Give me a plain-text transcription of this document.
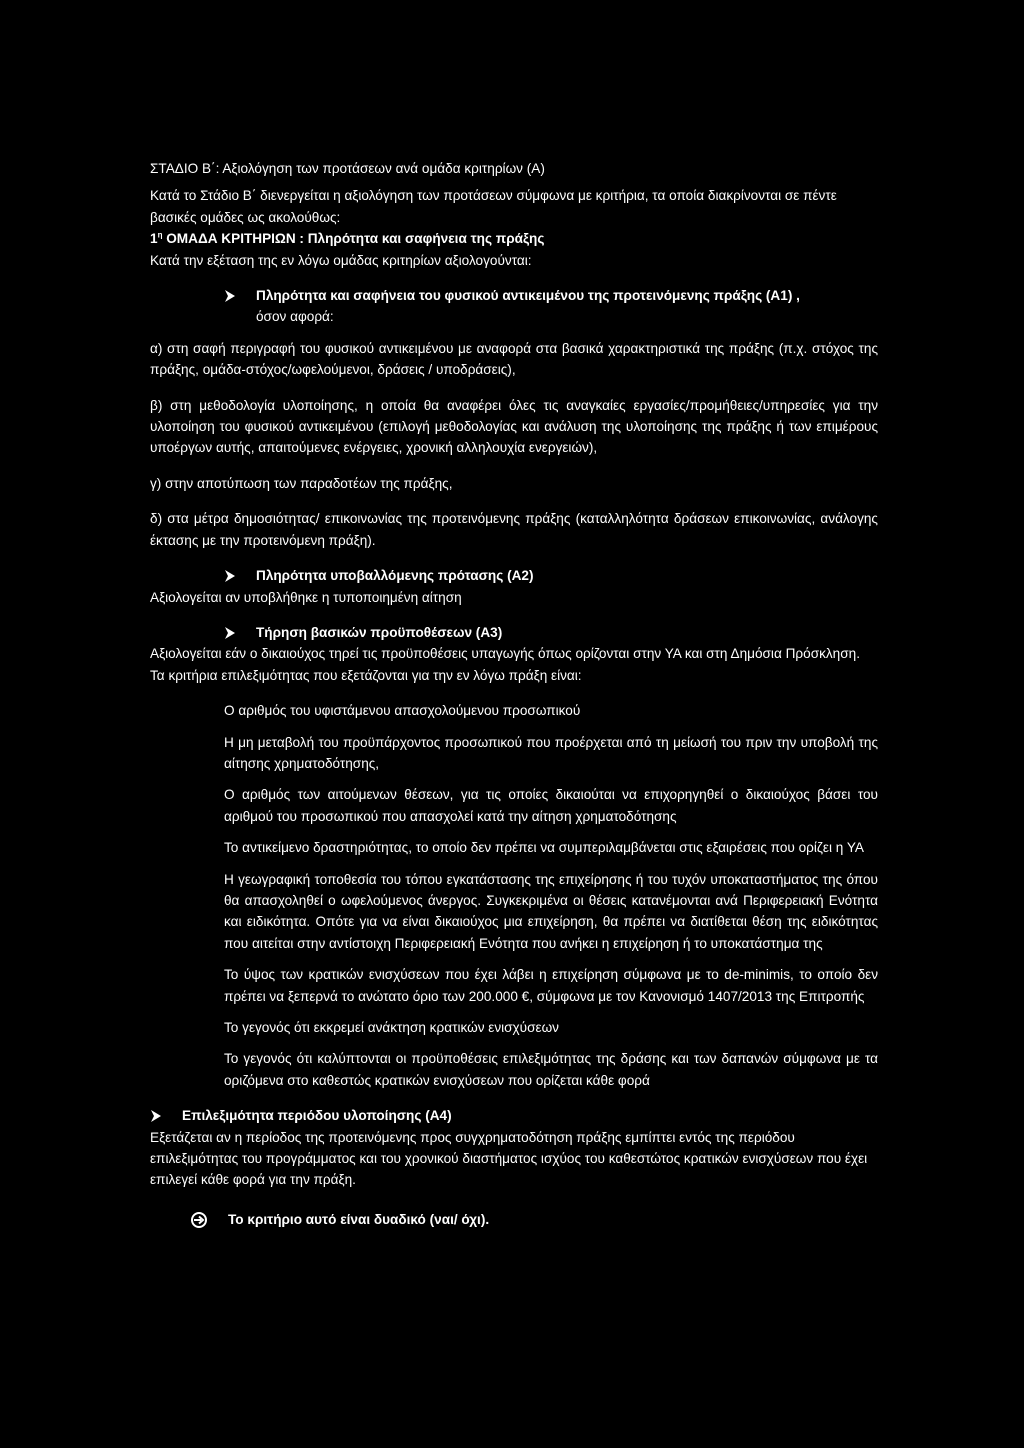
ΣΤΑΔΙΟ Β΄: Αξιολόγηση των προτάσεων ανά ομάδα κριτηρίων (Α)

Κατά το Στάδιο Β΄ διενεργείται η αξιολόγηση των προτάσεων σύμφωνα με κριτήρια, τα οποία διακρίνονται σε πέντε βασικές ομάδες ως ακολούθως:

$1^\eta$ ΟΜΑΔΑ ΚΡΙΤΗΡΙΩΝ : Πληρότητα και σαφήνεια της πράξης

Κατά την εξέταση της εν λόγω ομάδας κριτηρίων αξιολογούνται:

Πληρότητα και σαφήνεια του φυσικού αντικειμένου της προτεινόμενης πράξης (Α1) ,

όσον αφορά:

α) στη σαφή περιγραφή του φυσικού αντικειμένου με αναφορά στα βασικά χαρακτηριστικά της πράξης (π.χ. στόχος της πράξης, ομάδα-στόχος/ωφελούμενοι, δράσεις / υποδράσεις),

β) στη μεθοδολογία υλοποίησης, η οποία θα αναφέρει όλες τις αναγκαίες εργασίες/προμήθειες/υπηρεσίες για την υλοποίηση του φυσικού αντικειμένου (επιλογή μεθοδολογίας και ανάλυση της υλοποίησης της πράξης ή των επιμέρους υποέργων αυτής, απαιτούμενες ενέργειες, χρονική αλληλουχία ενεργειών),

γ) στην αποτύπωση των παραδοτέων της πράξης,

δ) στα μέτρα δημοσιότητας/ επικοινωνίας της προτεινόμενης πράξης (καταλληλότητα δράσεων επικοινωνίας, ανάλογης έκτασης με την προτεινόμενη πράξη).

Πληρότητα υποβαλλόμενης πρότασης (Α2)

Αξιολογείται αν υποβλήθηκε η τυποποιημένη αίτηση

Τήρηση βασικών προϋποθέσεων (Α3)

Αξιολογείται εάν ο δικαιούχος τηρεί τις προϋποθέσεις υπαγωγής όπως ορίζονται στην ΥΑ και στη Δημόσια Πρόσκληση. Τα κριτήρια επιλεξιμότητας που εξετάζονται για την εν λόγω πράξη είναι:

Ο αριθμός του υφιστάμενου απασχολούμενου προσωπικού

Η μη μεταβολή του προϋπάρχοντος προσωπικού που προέρχεται από τη μείωσή του πριν την υποβολή της αίτησης χρηματοδότησης,

Ο αριθμός των αιτούμενων θέσεων, για τις οποίες δικαιούται να επιχορηγηθεί ο δικαιούχος βάσει του αριθμού του προσωπικού που απασχολεί κατά την αίτηση χρηματοδότησης

Το αντικείμενο δραστηριότητας, το οποίο δεν πρέπει να συμπεριλαμβάνεται στις εξαιρέσεις που ορίζει η ΥΑ

Η γεωγραφική τοποθεσία του τόπου εγκατάστασης της επιχείρησης ή του τυχόν υποκαταστήματος της όπου θα απασχοληθεί ο ωφελούμενος άνεργος. Συγκεκριμένα οι θέσεις κατανέμονται ανά Περιφερειακή Ενότητα και ειδικότητα. Οπότε για να είναι δικαιούχος μια επιχείρηση, θα πρέπει να διατίθεται θέση της ειδικότητας που αιτείται στην αντίστοιχη Περιφερειακή Ενότητα που ανήκει η επιχείρηση ή το υποκατάστημα της

Το ύψος των κρατικών ενισχύσεων που έχει λάβει η επιχείρηση σύμφωνα με το de-minimis, το οποίο δεν πρέπει να ξεπερνά το ανώτατο όριο των 200.000 €, σύμφωνα με τον Κανονισμό 1407/2013 της Επιτροπής

Το γεγονός ότι εκκρεμεί ανάκτηση κρατικών ενισχύσεων

Το γεγονός ότι καλύπτονται οι προϋποθέσεις επιλεξιμότητας της δράσης και των δαπανών σύμφωνα με τα οριζόμενα στο καθεστώς κρατικών ενισχύσεων που ορίζεται κάθε φορά

Επιλεξιμότητα περιόδου υλοποίησης (Α4)

Εξετάζεται αν η περίοδος της προτεινόμενης προς συγχρηματοδότηση πράξης εμπίπτει εντός της περιόδου επιλεξιμότητας του προγράμματος και του χρονικού διαστήματος ισχύος του καθεστώτος κρατικών ενισχύσεων που έχει επιλεγεί κάθε φορά για την πράξη.

Το κριτήριο αυτό είναι δυαδικό (ναι/ όχι).
